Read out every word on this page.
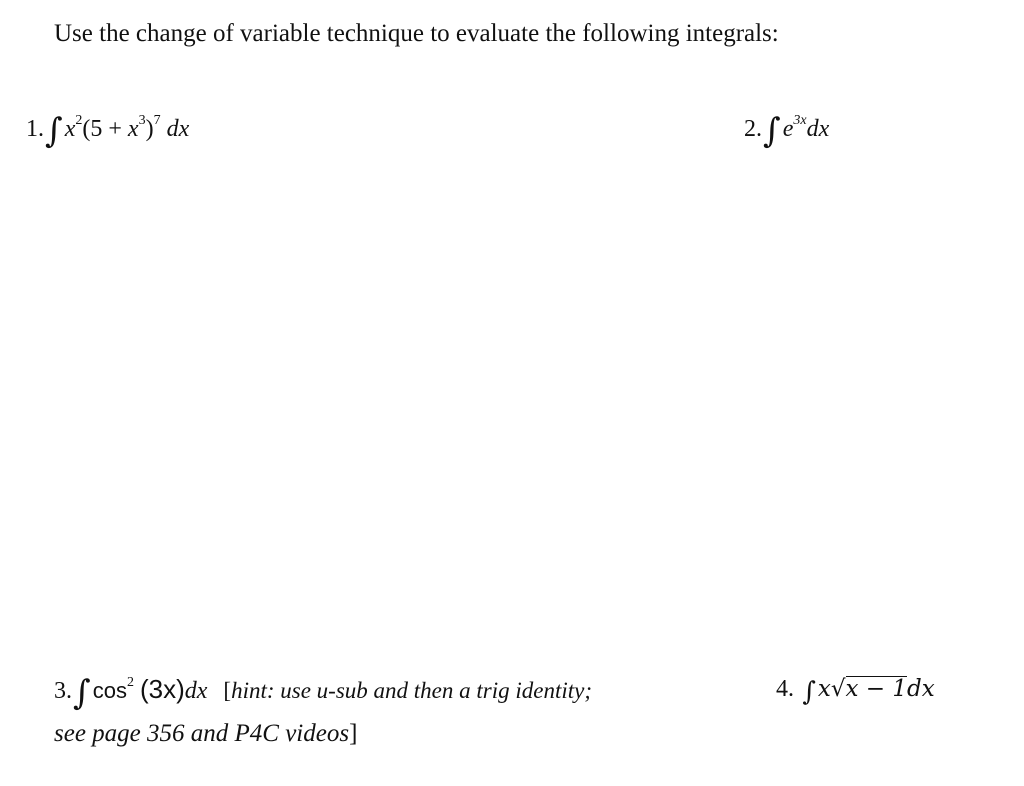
Use the change of variable technique to evaluate the following integrals:
$1.\int x^2(5 + x^3)^7$ dx	$2.\int e^{3x}dx$
$3.\int\cos^2$ (3x)dx [hint: use u-sub and then a trig identity;
see page 356 and P4C videos]
4. ∫x√x − 1dx
